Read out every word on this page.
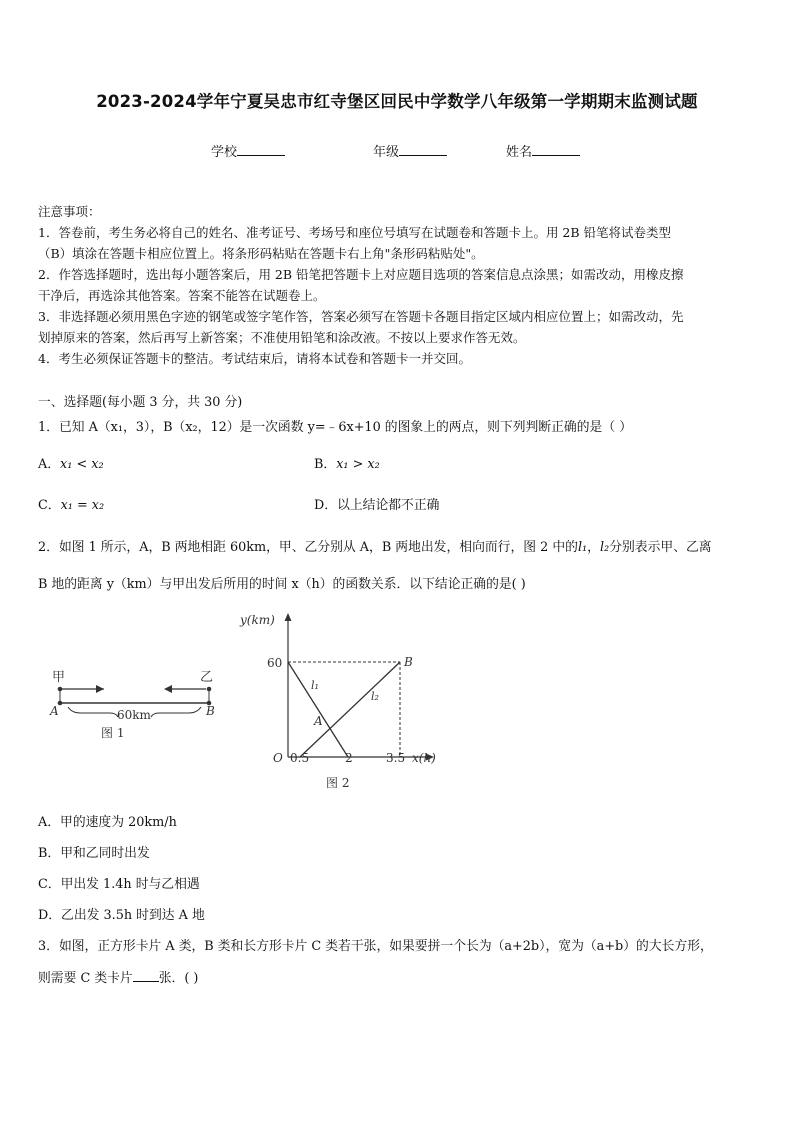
2023-2024学年宁夏吴忠市红寺堡区回民中学数学八年级第一学期期末监测试题
学校	年级	姓名
注意事项：
1．答卷前，考生务必将自己的姓名、准考证号、考场号和座位号填写在试题卷和答题卡上。用 2B 铅笔将试卷类型
（B）填涂在答题卡相应位置上。将条形码粘贴在答题卡右上角"条形码粘贴处"。
2．作答选择题时，选出每小题答案后，用 2B 铅笔把答题卡上对应题目选项的答案信息点涂黑；如需改动，用橡皮擦
干净后，再选涂其他答案。答案不能答在试题卷上。
3．非选择题必须用黑色字迹的钢笔或签字笔作答，答案必须写在答题卡各题目指定区域内相应位置上；如需改动，先
划掉原来的答案，然后再写上新答案；不准使用铅笔和涂改液。不按以上要求作答无效。
4．考生必须保证答题卡的整洁。考试结束后，请将本试卷和答题卡一并交回。
一、选择题(每小题 3 分，共 30 分)
1．已知 A（x₁，3），B（x₂，12）是一次函数 y=﹣6x+10 的图象上的两点，则下列判断正确的是（ ）
A．x₁ < x₂	B．x₁ > x₂
C．x₁ = x₂	D．以上结论都不正确
2．如图 1 所示，A，B 两地相距 60km，甲、乙分别从 A，B 两地出发，相向而行，图 2 中的l₁，l₂分别表示甲、乙离
B 地的距离 y（km）与甲出发后所用的时间 x（h）的函数关系．以下结论正确的是( )
甲	乙
A	B
60km
图 1
y(km)
x(h)
O
60
l₁
l₂
A
B
0.5	2	3.5
图 2
A．甲的速度为 20km/h
B．甲和乙同时出发
C．甲出发 1.4h 时与乙相遇
D．乙出发 3.5h 时到达 A 地
3．如图，正方形卡片 A 类，B 类和长方形卡片 C 类若干张，如果要拼一个长为（a+2b），宽为（a+b）的大长方形，
则需要 C 类卡片 张．( )
